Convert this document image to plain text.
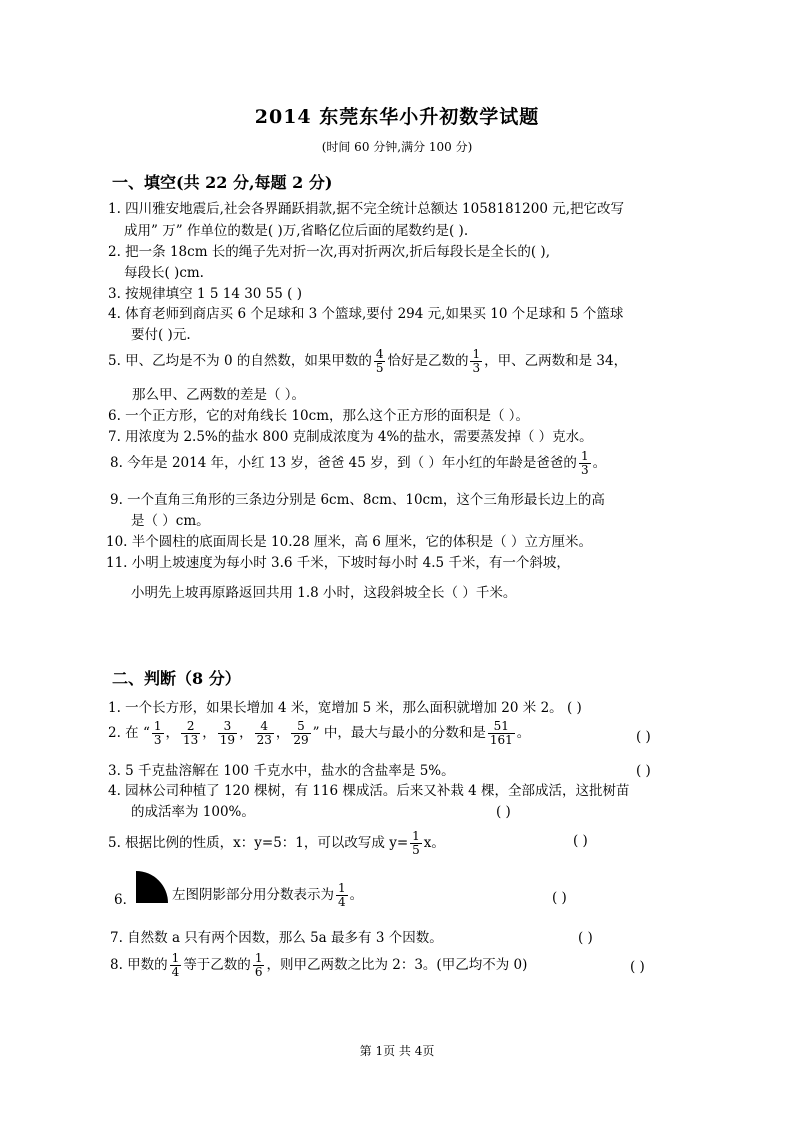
2014 东莞东华小升初数学试题
(时间 60 分钟,满分 100 分)
一、填空(共 22 分,每题 2 分)
1. 四川雅安地震后,社会各界踊跃捐款,据不完全统计总额达 1058181200 元,把它改写
成用” 万” 作单位的数是( )万,省略亿位后面的尾数约是( ).
2. 把一条 18cm 长的绳子先对折一次,再对折两次,折后每段长是全长的( ),
每段长( )cm.
3. 按规律填空 1 5 14 30 55 ( )
4. 体育老师到商店买 6 个足球和 3 个篮球,要付 294 元,如果买 10 个足球和 5 个篮球
要付( )元.
5. 甲、乙均是不为 0 的自然数，如果甲数的 $\frac{4}{5}$ 恰好是乙数的 $\frac{1}{3}$ ，甲、乙两数和是 34，
那么甲、乙两数的差是（ ）。
6. 一个正方形，它的对角线长 10cm，那么这个正方形的面积是（ ）。
7. 用浓度为 2.5%的盐水 800 克制成浓度为 4%的盐水，需要蒸发掉（ ）克水。
8. 今年是 2014 年，小红 13 岁，爸爸 45 岁，到（ ）年小红的年龄是爸爸的 $\frac{1}{3}$ 。
9. 一个直角三角形的三条边分别是 6cm、8cm、10cm，这个三角形最长边上的高
是（ ）cm。
10. 半个圆柱的底面周长是 10.28 厘米，高 6 厘米，它的体积是（ ）立方厘米。
11. 小明上坡速度为每小时 3.6 千米，下坡时每小时 4.5 千米，有一个斜坡，
小明先上坡再原路返回共用 1.8 小时，这段斜坡全长（ ）千米。
二、判断（8 分）
1. 一个长方形，如果长增加 4 米，宽增加 5 米，那么面积就增加 20 米 2。 ( )
2. 在 “ $\frac{1}{3}$ ， $\frac{2}{13}$ ， $\frac{3}{19}$ ， $\frac{4}{23}$ ， $\frac{5}{29}$ ” 中，最大与最小的分数和是 $\frac{51}{161}$ 。	( )
3. 5 千克盐溶解在 100 千克水中，盐水的含盐率是 5%。	( )
4. 园林公司种植了 120 棵树，有 116 棵成活。后来又补栽 4 棵，全部成活，这批树苗
的成活率为 100%。	( )
5. 根据比例的性质，x：y=5：1，可以改写成 $y= \frac{1}{5}$ x。	( )
6．	左图阴影部分用分数表示为 $\frac{1}{4}$ 。	( )
7. 自然数 a 只有两个因数，那么 5a 最多有 3 个因数。	( )
8. 甲数的 $\frac{1}{4}$ 等于乙数的 $\frac{1}{6}$ ，则甲乙两数之比为 2：3。(甲乙均不为 0)	( )
第 1页 共 4页
